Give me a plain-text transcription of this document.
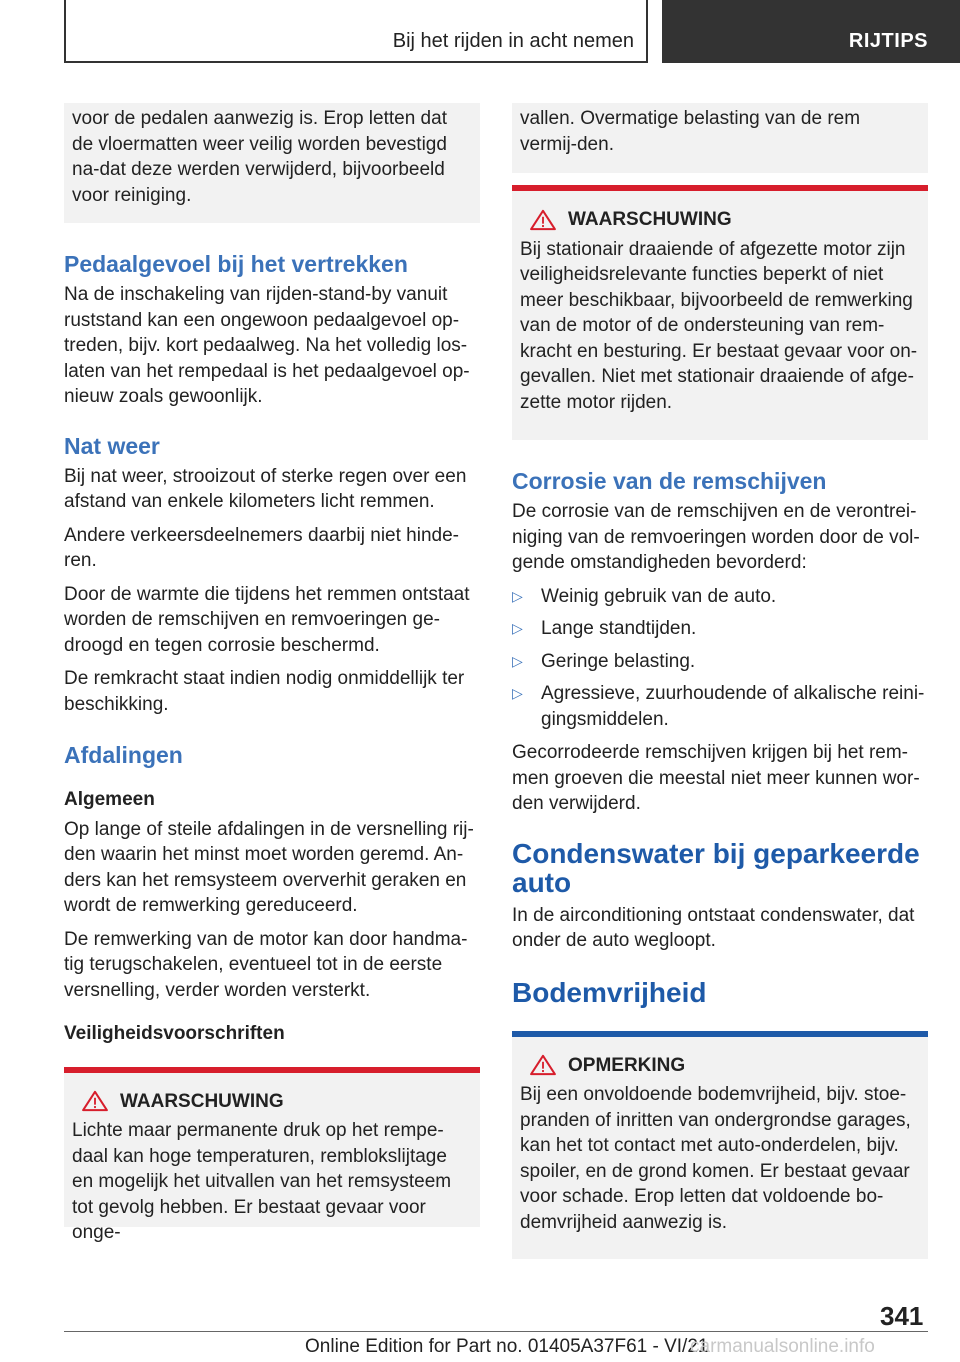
Bij het rijden in acht nemen	RIJTIPS

voor de pedalen aanwezig is. Erop letten dat de vloermatten weer veilig worden bevestigd na-dat deze werden verwijderd, bijvoorbeeld voor reiniging.

Pedaalgevoel bij het vertrekken

Na de inschakeling van rijden-stand-by vanuit ruststand kan een ongewoon pedaalgevoel op-treden, bijv. kort pedaalweg. Na het volledig los-laten van het rempedaal is het pedaalgevoel op-nieuw zoals gewoonlijk.

Nat weer

Bij nat weer, strooizout of sterke regen over een afstand van enkele kilometers licht remmen.

Andere verkeersdeelnemers daarbij niet hinde-ren.

Door de warmte die tijdens het remmen ontstaat worden de remschijven en remvoeringen ge-droogd en tegen corrosie beschermd.

De remkracht staat indien nodig onmiddellijk ter beschikking.

Afdalingen
Algemeen

Op lange of steile afdalingen in de versnelling rij-den waarin het minst moet worden geremd. An-ders kan het remsysteem oververhit geraken en wordt de remwerking gereduceerd.

De remwerking van de motor kan door handma-tig terugschakelen, eventueel tot in de eerste versnelling, verder worden versterkt.

Veiligheidsvoorschriften
WAARSCHUWING

Lichte maar permanente druk op het rempe-daal kan hoge temperaturen, remblokslijtage en mogelijk het uitvallen van het remsysteem tot gevolg hebben. Er bestaat gevaar voor onge-

vallen. Overmatige belasting van de rem vermij-den.

WAARSCHUWING

Bij stationair draaiende of afgezette motor zijn veiligheidsrelevante functies beperkt of niet meer beschikbaar, bijvoorbeeld de remwerking van de motor of de ondersteuning van rem-kracht en besturing. Er bestaat gevaar voor on-gevallen. Niet met stationair draaiende of afge-zette motor rijden.

Corrosie van de remschijven

De corrosie van de remschijven en de verontrei-niging van de remvoeringen worden door de vol-gende omstandigheden bevorderd:

▷ Weinig gebruik van de auto.
▷ Lange standtijden.
▷ Geringe belasting.
▷ Agressieve, zuurhoudende of alkalische reini-gingsmiddelen.

Gecorrodeerde remschijven krijgen bij het rem-men groeven die meestal niet meer kunnen wor-den verwijderd.

Condenswater bij geparkeerde auto

In de airconditioning ontstaat condenswater, dat onder de auto wegloopt.

Bodemvrijheid
OPMERKING

Bij een onvoldoende bodemvrijheid, bijv. stoe-pranden of inritten van ondergrondse garages, kan het tot contact met auto-onderdelen, bijv. spoiler, en de grond komen. Er bestaat gevaar voor schade. Erop letten dat voldoende bo-demvrijheid aanwezig is.

341
Online Edition for Part no. 01405A37F61 - VI/21
carmanualsonline.info
